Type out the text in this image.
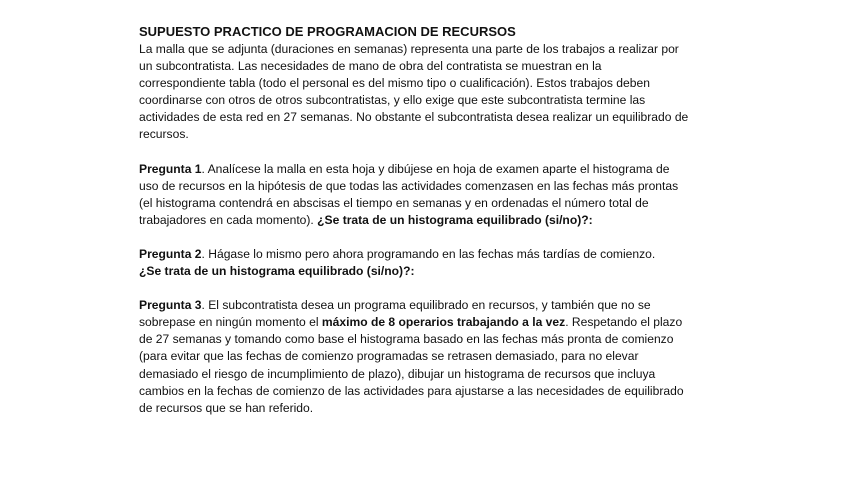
SUPUESTO PRACTICO DE PROGRAMACION DE RECURSOS

La malla que se adjunta (duraciones en semanas) representa una parte de los trabajos a realizar por un subcontratista. Las necesidades de mano de obra del contratista se muestran en la correspondiente tabla (todo el personal es del mismo tipo o cualificación). Estos trabajos deben coordinarse con otros de otros subcontratistas, y ello exige que este subcontratista termine las actividades de esta red en 27 semanas. No obstante el subcontratista desea realizar un equilibrado de recursos.

Pregunta 1. Analícese la malla en esta hoja y dibújese en hoja de examen aparte el histograma de uso de recursos en la hipótesis de que todas las actividades comenzasen en las fechas más prontas (el histograma contendrá en abscisas el tiempo en semanas y en ordenadas el número total de trabajadores en cada momento). ¿Se trata de un histograma equilibrado (si/no)?:

Pregunta 2. Hágase lo mismo pero ahora programando en las fechas más tardías de comienzo.
¿Se trata de un histograma equilibrado (si/no)?:

Pregunta 3. El subcontratista desea un programa equilibrado en recursos, y también que no se sobrepase en ningún momento el máximo de 8 operarios trabajando a la vez. Respetando el plazo de 27 semanas y tomando como base el histograma basado en las fechas más pronta de comienzo (para evitar que las fechas de comienzo programadas se retrasen demasiado, para no elevar demasiado el riesgo de incumplimiento de plazo), dibujar un histograma de recursos que incluya cambios en la fechas de comienzo de las actividades para ajustarse a las necesidades de equilibrado de recursos que se han referido.
